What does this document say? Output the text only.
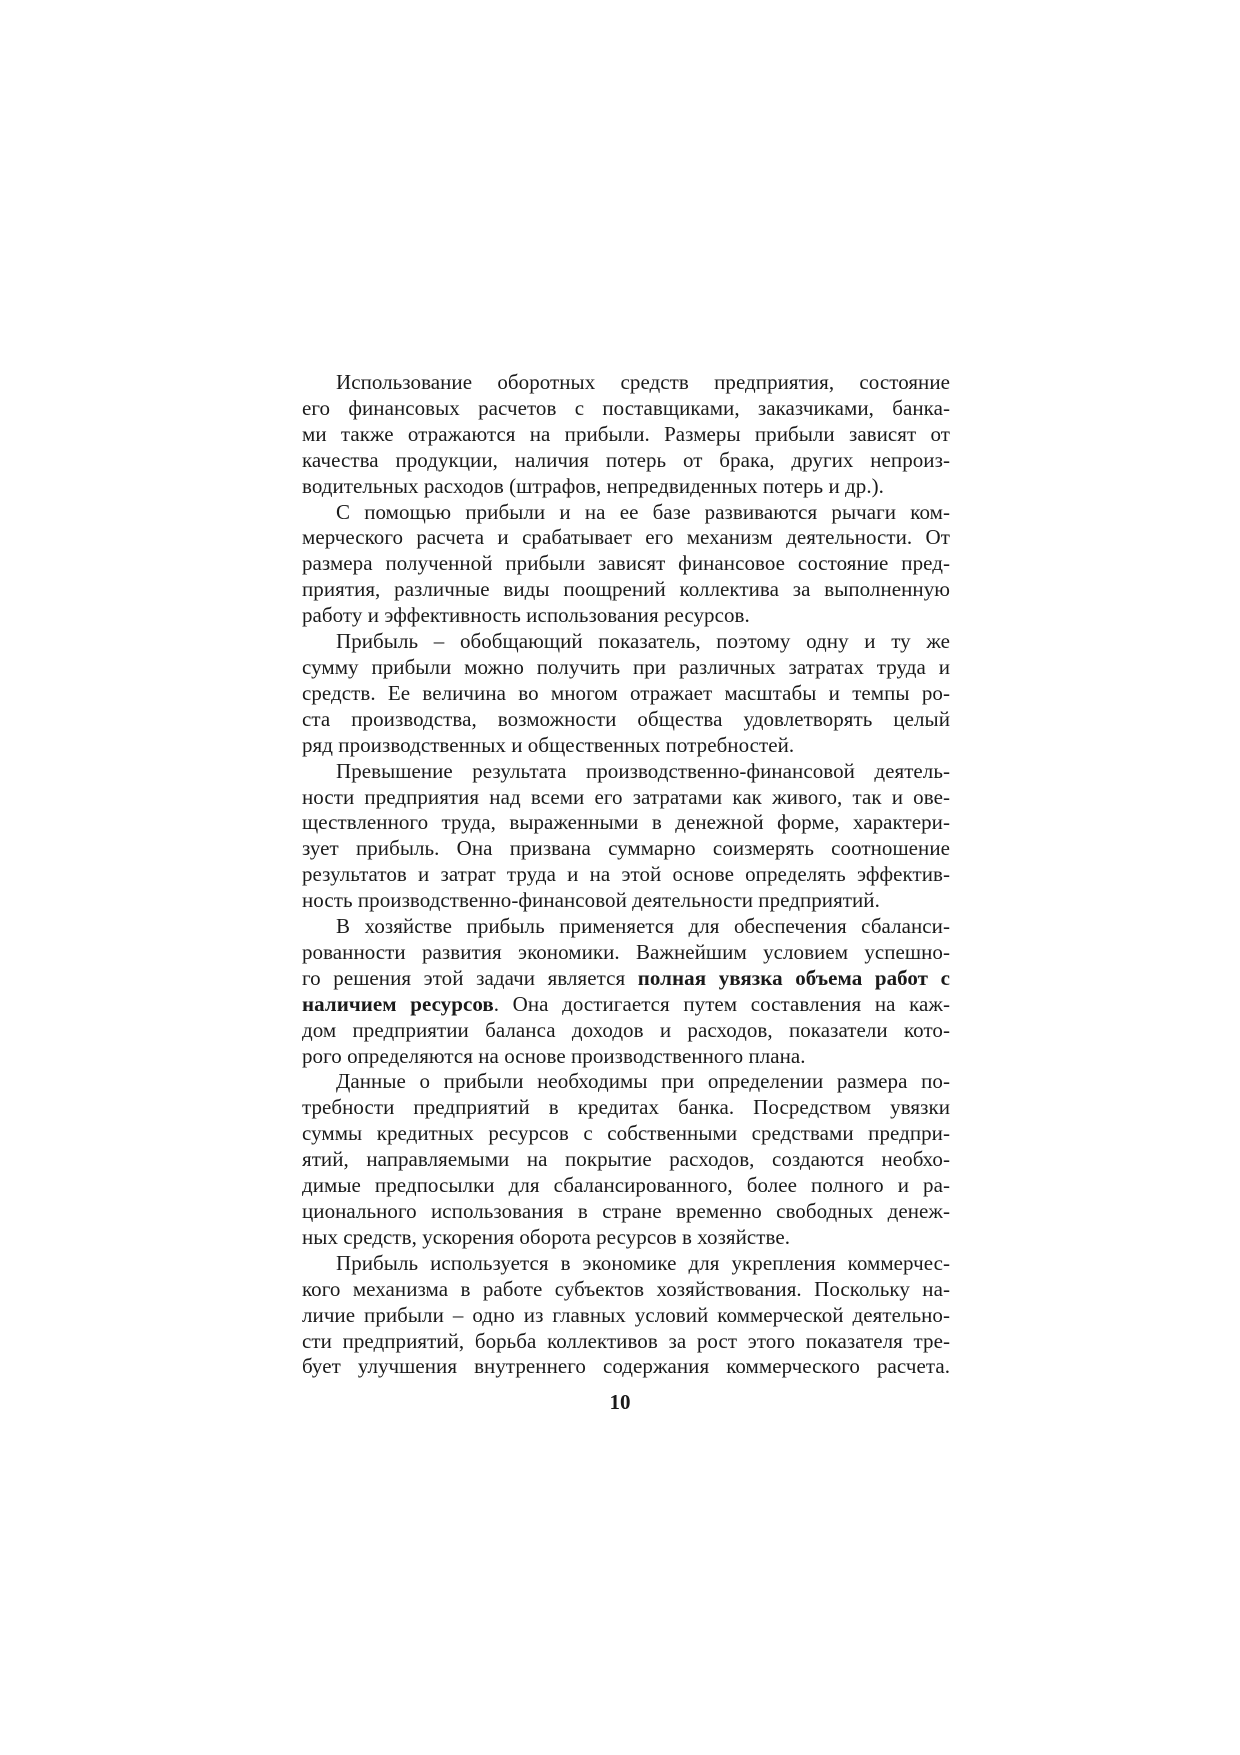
Использование оборотных средств предприятия, состояние
его финансовых расчетов с поставщиками, заказчиками, банка-
ми также отражаются на прибыли. Размеры прибыли зависят от
качества продукции, наличия потерь от брака, других непроиз-
водительных расходов (штрафов, непредвиденных потерь и др.).

С помощью прибыли и на ее базе развиваются рычаги ком-
мерческого расчета и срабатывает его механизм деятельности. От
размера полученной прибыли зависят финансовое состояние пред-
приятия, различные виды поощрений коллектива за выполненную
работу и эффективность использования ресурсов.

Прибыль – обобщающий показатель, поэтому одну и ту же
сумму прибыли можно получить при различных затратах труда и
средств. Ее величина во многом отражает масштабы и темпы ро-
ста производства, возможности общества удовлетворять целый
ряд производственных и общественных потребностей.

Превышение результата производственно-финансовой деятель-
ности предприятия над всеми его затратами как живого, так и ове-
ществленного труда, выраженными в денежной форме, характери-
зует прибыль. Она призвана суммарно соизмерять соотношение
результатов и затрат труда и на этой основе определять эффектив-
ность производственно-финансовой деятельности предприятий.

В хозяйстве прибыль применяется для обеспечения сбаланси-
рованности развития экономики. Важнейшим условием успешно-
го решения этой задачи является полная увязка объема работ с
наличием ресурсов. Она достигается путем составления на каж-
дом предприятии баланса доходов и расходов, показатели кото-
рого определяются на основе производственного плана.

Данные о прибыли необходимы при определении размера по-
требности предприятий в кредитах банка. Посредством увязки
суммы кредитных ресурсов с собственными средствами предпри-
ятий, направляемыми на покрытие расходов, создаются необхо-
димые предпосылки для сбалансированного, более полного и ра-
ционального использования в стране временно свободных денеж-
ных средств, ускорения оборота ресурсов в хозяйстве.

Прибыль используется в экономике для укрепления коммерчес-
кого механизма в работе субъектов хозяйствования. Поскольку на-
личие прибыли – одно из главных условий коммерческой деятельно-
сти предприятий, борьба коллективов за рост этого показателя тре-
бует улучшения внутреннего содержания коммерческого расчета.

10
